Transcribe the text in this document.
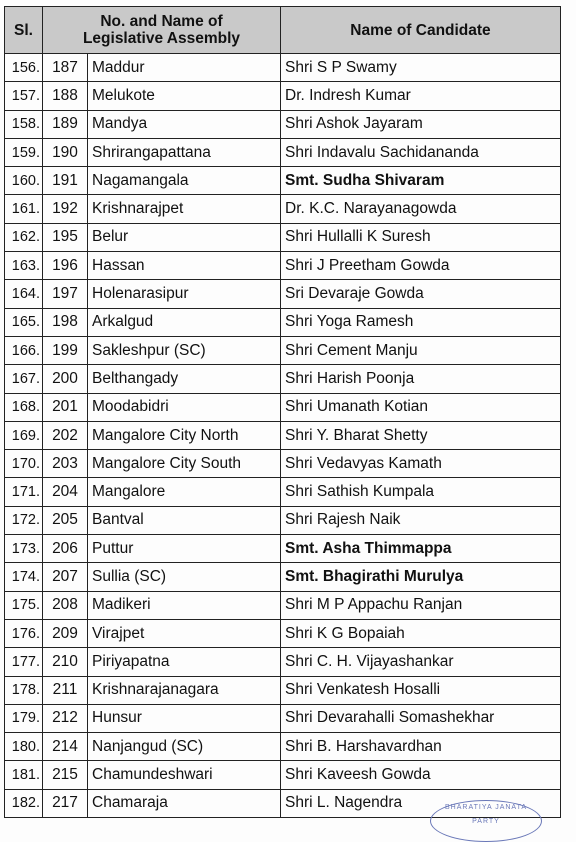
Sl.	No. and Name of Legislative Assembly		Name of Candidate
156.	187	Maddur	Shri S P Swamy
157.	188	Melukote	Dr. Indresh Kumar
158.	189	Mandya	Shri Ashok Jayaram
159.	190	Shrirangapattana	Shri Indavalu Sachidananda
160.	191	Nagamangala	Smt. Sudha Shivaram
161.	192	Krishnarajpet	Dr. K.C. Narayanagowda
162.	195	Belur	Shri Hullalli K Suresh
163.	196	Hassan	Shri J Preetham Gowda
164.	197	Holenarasipur	Sri Devaraje Gowda
165.	198	Arkalgud	Shri Yoga Ramesh
166.	199	Sakleshpur (SC)	Shri Cement Manju
167.	200	Belthangady	Shri Harish Poonja
168.	201	Moodabidri	Shri Umanath Kotian
169.	202	Mangalore City North	Shri Y. Bharat Shetty
170.	203	Mangalore City South	Shri Vedavyas Kamath
171.	204	Mangalore	Shri Sathish Kumpala
172.	205	Bantval	Shri Rajesh Naik
173.	206	Puttur	Smt. Asha Thimmappa
174.	207	Sullia (SC)	Smt. Bhagirathi Murulya
175.	208	Madikeri	Shri M P Appachu Ranjan
176.	209	Virajpet	Shri K G Bopaiah
177.	210	Piriyapatna	Shri C. H. Vijayashankar
178.	211	Krishnarajanagara	Shri Venkatesh Hosalli
179.	212	Hunsur	Shri Devarahalli Somashekhar
180.	214	Nanjangud (SC)	Shri B. Harshavardhan
181.	215	Chamundeshwari	Shri Kaveesh Gowda
182.	217	Chamaraja	Shri L. Nagendra	BHARATIYA JANATA PARTY
